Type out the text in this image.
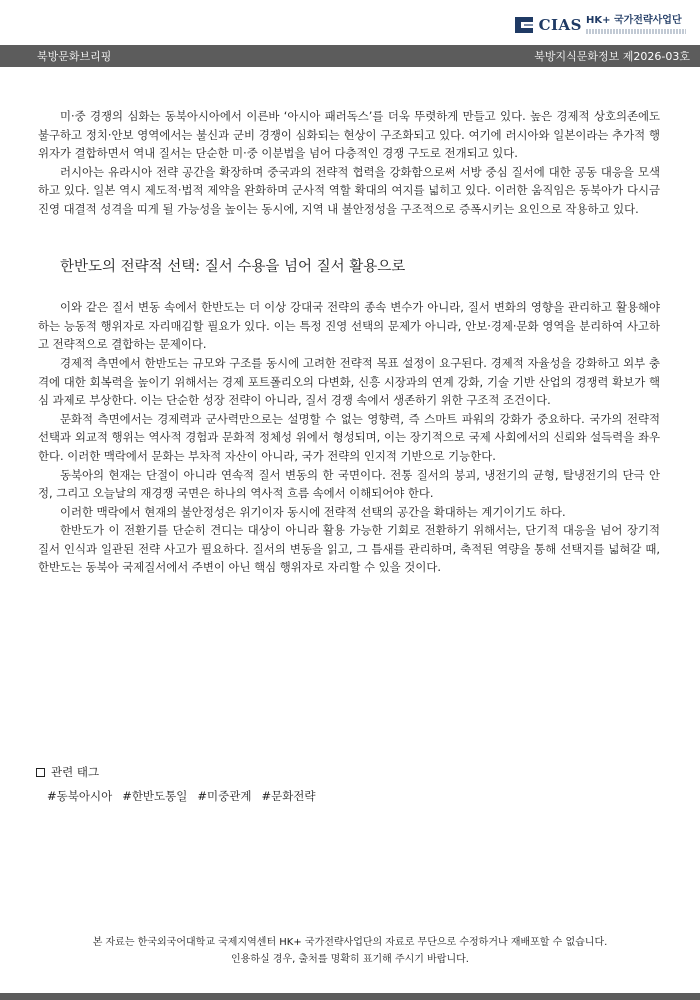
CIAS HK+ 국가전략사업단
북방문화브리핑	북방지식문화정보 제2026-03호

미·중 경쟁의 심화는 동북아시아에서 이른바 ‘아시아 패러독스’를 더욱 뚜렷하게 만들고 있다. 높은 경제적 상호의존에도 불구하고 정치·안보 영역에서는 불신과 군비 경쟁이 심화되는 현상이 구조화되고 있다. 여기에 러시아와 일본이라는 추가적 행위자가 결합하면서 역내 질서는 단순한 미·중 이분법을 넘어 다층적인 경쟁 구도로 전개되고 있다.

러시아는 유라시아 전략 공간을 확장하며 중국과의 전략적 협력을 강화함으로써 서방 중심 질서에 대한 공동 대응을 모색하고 있다. 일본 역시 제도적·법적 제약을 완화하며 군사적 역할 확대의 여지를 넓히고 있다. 이러한 움직임은 동북아가 다시금 진영 대결적 성격을 띠게 될 가능성을 높이는 동시에, 지역 내 불안정성을 구조적으로 증폭시키는 요인으로 작용하고 있다.

한반도의 전략적 선택: 질서 수용을 넘어 질서 활용으로

이와 같은 질서 변동 속에서 한반도는 더 이상 강대국 전략의 종속 변수가 아니라, 질서 변화의 영향을 관리하고 활용해야 하는 능동적 행위자로 자리매김할 필요가 있다. 이는 특정 진영 선택의 문제가 아니라, 안보·경제·문화 영역을 분리하여 사고하고 전략적으로 결합하는 문제이다.

경제적 측면에서 한반도는 규모와 구조를 동시에 고려한 전략적 목표 설정이 요구된다. 경제적 자율성을 강화하고 외부 충격에 대한 회복력을 높이기 위해서는 경제 포트폴리오의 다변화, 신흥 시장과의 연계 강화, 기술 기반 산업의 경쟁력 확보가 핵심 과제로 부상한다. 이는 단순한 성장 전략이 아니라, 질서 경쟁 속에서 생존하기 위한 구조적 조건이다.

문화적 측면에서는 경제력과 군사력만으로는 설명할 수 없는 영향력, 즉 스마트 파워의 강화가 중요하다. 국가의 전략적 선택과 외교적 행위는 역사적 경험과 문화적 정체성 위에서 형성되며, 이는 장기적으로 국제 사회에서의 신뢰와 설득력을 좌우한다. 이러한 맥락에서 문화는 부차적 자산이 아니라, 국가 전략의 인지적 기반으로 기능한다.

동북아의 현재는 단절이 아니라 연속적 질서 변동의 한 국면이다. 전통 질서의 붕괴, 냉전기의 균형, 탈냉전기의 단극 안정, 그리고 오늘날의 재경쟁 국면은 하나의 역사적 흐름 속에서 이해되어야 한다.

이러한 맥락에서 현재의 불안정성은 위기이자 동시에 전략적 선택의 공간을 확대하는 계기이기도 하다.

한반도가 이 전환기를 단순히 견디는 대상이 아니라 활용 가능한 기회로 전환하기 위해서는, 단기적 대응을 넘어 장기적 질서 인식과 일관된 전략 사고가 필요하다. 질서의 변동을 읽고, 그 틈새를 관리하며, 축적된 역량을 통해 선택지를 넓혀갈 때, 한반도는 동북아 국제질서에서 주변이 아닌 핵심 행위자로 자리할 수 있을 것이다.

관련 태그
#동북아시아 #한반도통일 #미중관계 #문화전략
본 자료는 한국외국어대학교 국제지역센터 HK+ 국가전략사업단의 자료로 무단으로 수정하거나 재배포할 수 없습니다.
인용하실 경우, 출처를 명확히 표기해 주시기 바랍니다.
